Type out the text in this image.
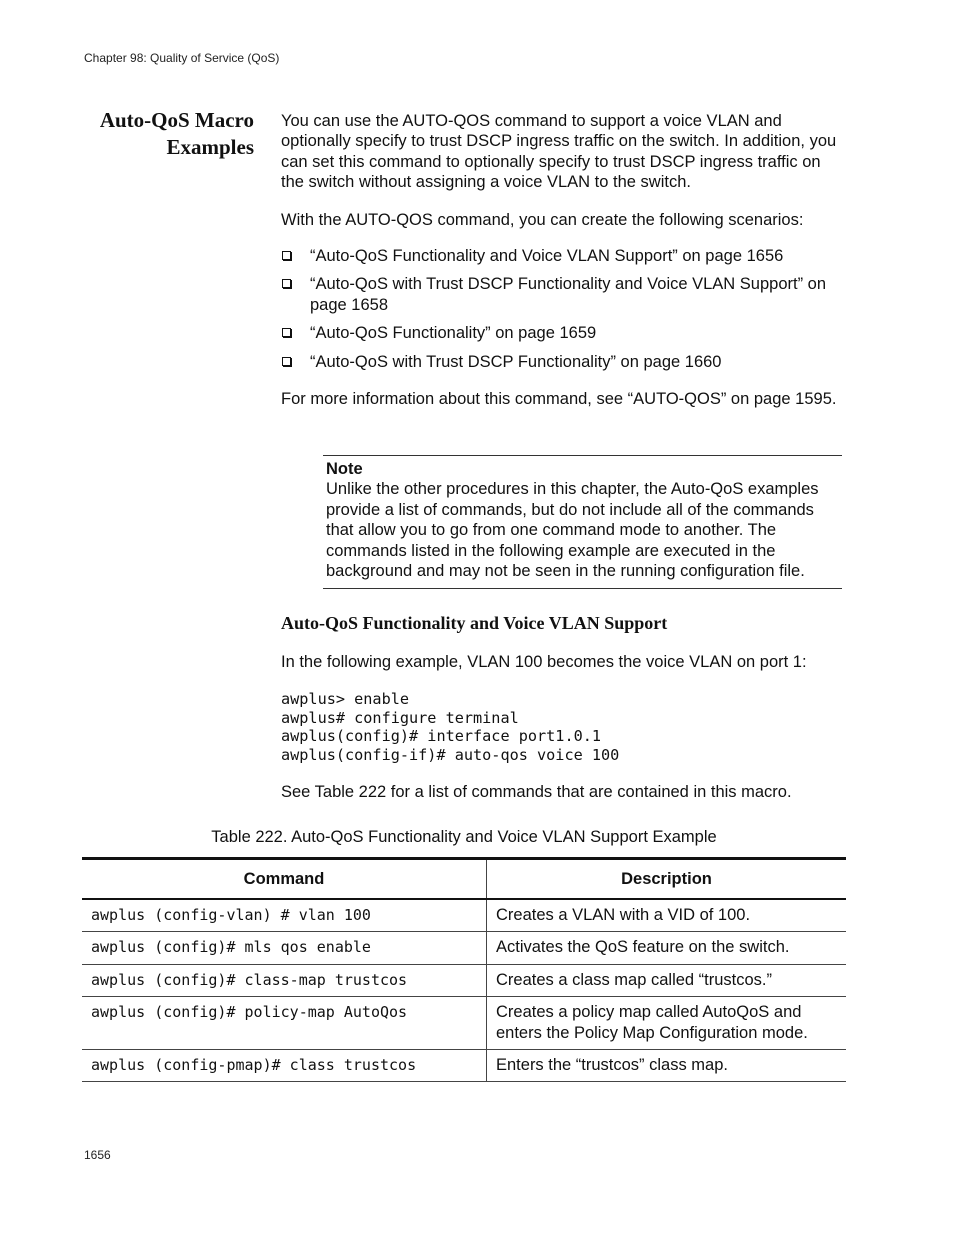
Chapter 98: Quality of Service (QoS)
Auto-QoS Macro
Examples
You can use the AUTO-QOS command to support a voice VLAN and optionally specify to trust DSCP ingress traffic on the switch. In addition, you can set this command to optionally specify to trust DSCP ingress traffic on the switch without assigning a voice VLAN to the switch.
With the AUTO-QOS command, you can create the following scenarios:
“Auto-QoS Functionality and Voice VLAN Support” on page 1656
“Auto-QoS with Trust DSCP Functionality and Voice VLAN Support” on page 1658
“Auto-QoS Functionality” on page 1659
“Auto-QoS with Trust DSCP Functionality” on page 1660
For more information about this command, see “AUTO-QOS” on page 1595.
Note
Unlike the other procedures in this chapter, the Auto-QoS examples provide a list of commands, but do not include all of the commands that allow you to go from one command mode to another. The commands listed in the following example are executed in the background and may not be seen in the running configuration file.
Auto-QoS Functionality and Voice VLAN Support
In the following example, VLAN 100 becomes the voice VLAN on port 1:
awplus> enable
awplus# configure terminal
awplus(config)# interface port1.0.1
awplus(config-if)# auto-qos voice 100
See Table 222 for a list of commands that are contained in this macro.
Table 222. Auto-QoS Functionality and Voice VLAN Support Example
Command	Description
awplus (config-vlan) # vlan 100	Creates a VLAN with a VID of 100.
awplus (config)# mls qos enable	Activates the QoS feature on the switch.
awplus (config)# class-map trustcos	Creates a class map called “trustcos.”
awplus (config)# policy-map AutoQos	Creates a policy map called AutoQoS and enters the Policy Map Configuration mode.
awplus (config-pmap)# class trustcos	Enters the “trustcos” class map.
1656
